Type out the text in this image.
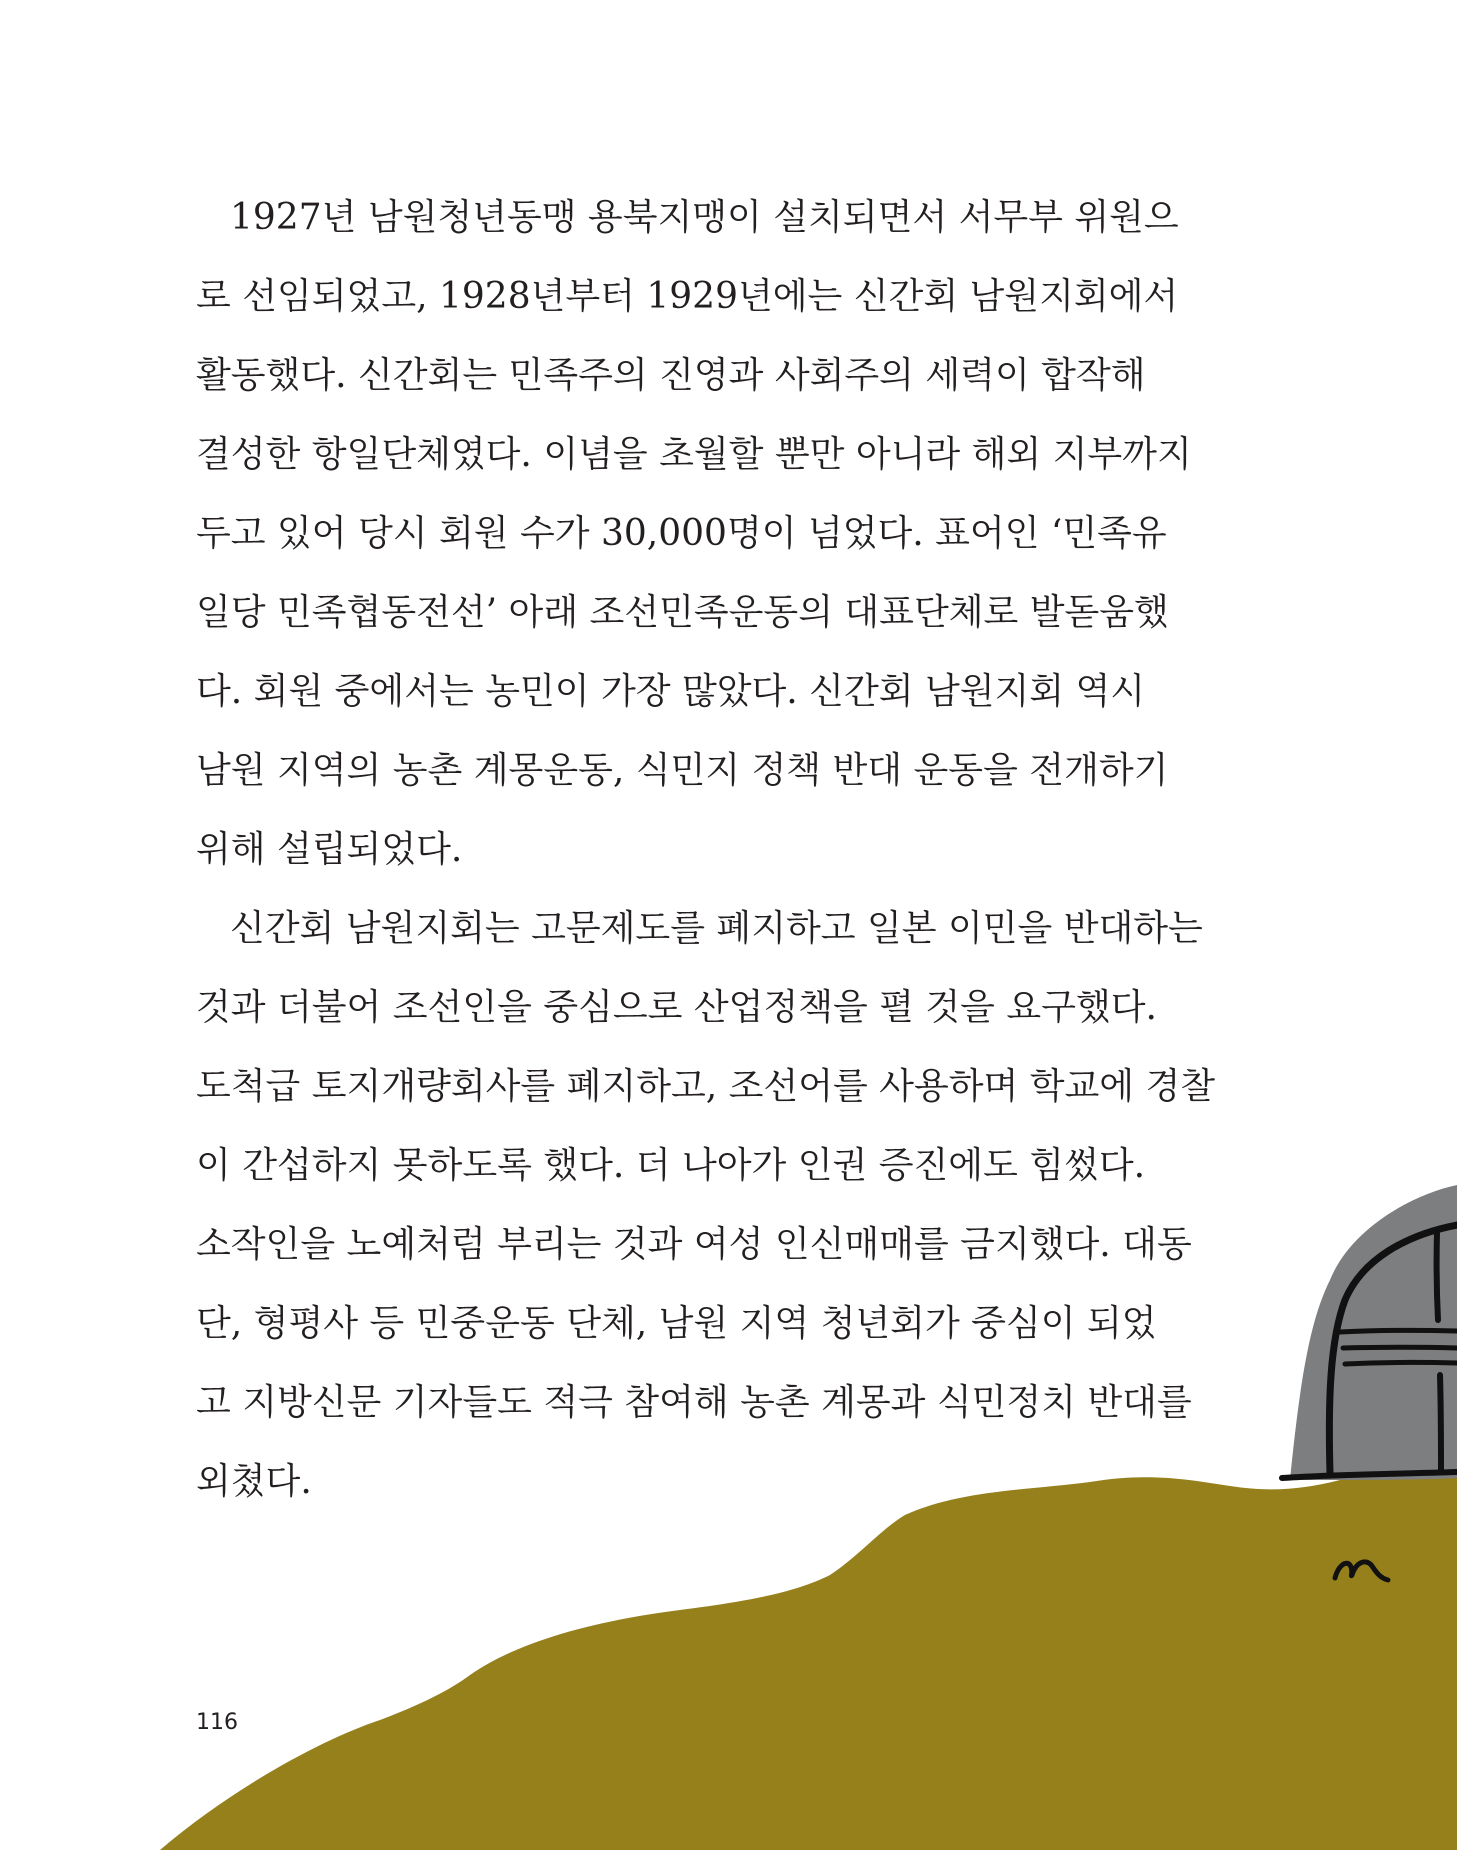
1927년 남원청년동맹 용북지맹이 설치되면서 서무부 위원으
로 선임되었고, 1928년부터 1929년에는 신간회 남원지회에서
활동했다. 신간회는 민족주의 진영과 사회주의 세력이 합작해
결성한 항일단체였다. 이념을 초월할 뿐만 아니라 해외 지부까지
두고 있어 당시 회원 수가 30,000명이 넘었다. 표어인 ‘민족유
일당 민족협동전선’ 아래 조선민족운동의 대표단체로 발돋움했
다. 회원 중에서는 농민이 가장 많았다. 신간회 남원지회 역시
남원 지역의 농촌 계몽운동, 식민지 정책 반대 운동을 전개하기
위해 설립되었다.
신간회 남원지회는 고문제도를 폐지하고 일본 이민을 반대하는
것과 더불어 조선인을 중심으로 산업정책을 펼 것을 요구했다.
도척급 토지개량회사를 폐지하고, 조선어를 사용하며 학교에 경찰
이 간섭하지 못하도록 했다. 더 나아가 인권 증진에도 힘썼다.
소작인을 노예처럼 부리는 것과 여성 인신매매를 금지했다. 대동
단, 형평사 등 민중운동 단체, 남원 지역 청년회가 중심이 되었
고 지방신문 기자들도 적극 참여해 농촌 계몽과 식민정치 반대를
외쳤다.
116
